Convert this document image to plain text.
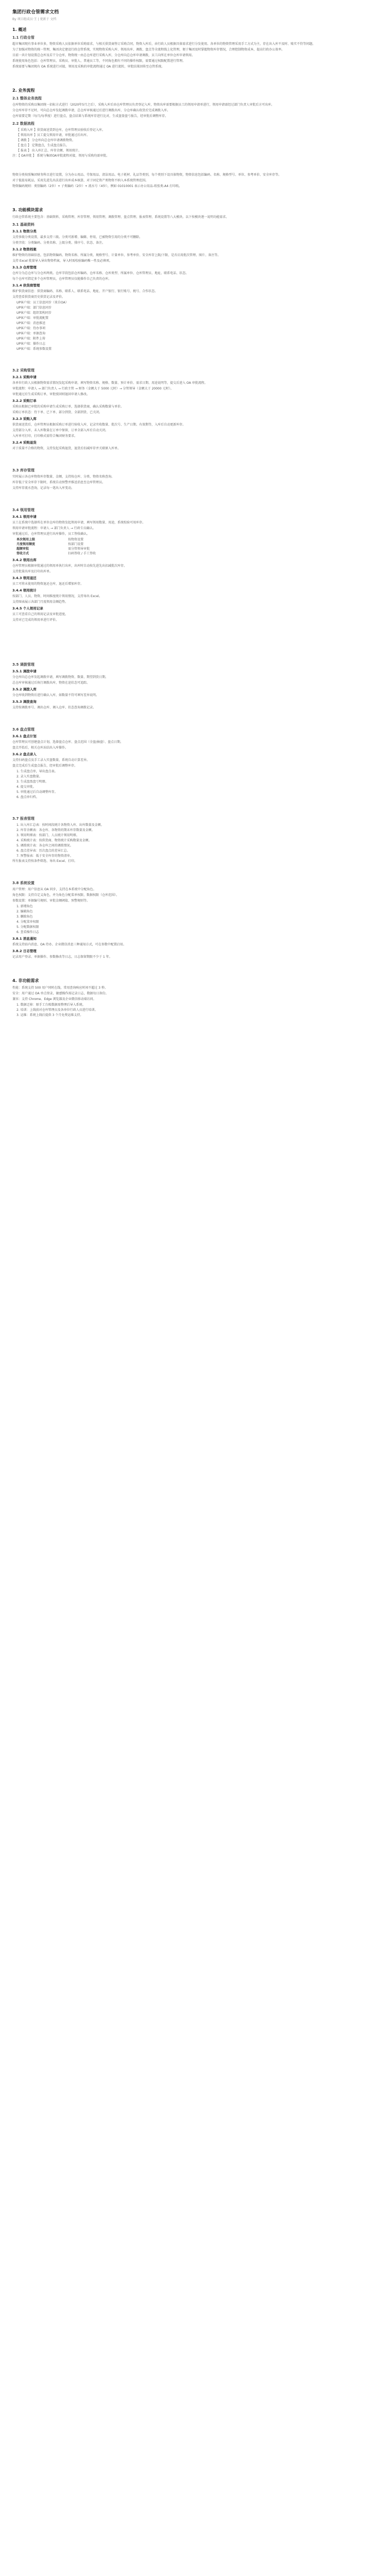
集团行政仓管需求文档
By 项目组成员·王 | 更新于 文档
1. 概述
1.1 行政仓管
超市集团现有事业单位多，物资采购人员依据单位采购需求，与相关供货商签订采购合同，物资入库后，由行政人员根据具体需求进行分发使用。各单位的物资管理采用手工方式为主，存在出入库不及时、账实不符等问题。
为了加强对物资的统一管理，集团决定建设行政仓管系统，实现物资采购入库、领用出库、调拨、盘点等全流程线上化管理，便于集团及时掌握物资库存情况，合理控制物资成本，提高行政办公效率。
目前一共计划设置总仓库及若干分仓库，物资统一由总仓库进行采购入库，分仓库向总仓库申请调拨，员工向所在单位仓库申请领用。
系统使用角色包括：仓库管理员、采购员、审批人、普通员工等，不同角色拥有不同的操作权限，需要通过权限配置进行管理。
系统需要与集团现有 OA 系统进行对接，领用及采购的审批流程通过 OA 进行流转，审批结果回传至仓管系统。
2. 业务流程
2.1 整体业务流程
仓库物资的采购以集团统一招标方式进行（2020年5月之后），采购入库后由仓库管理员负责登记入库，物资出库需要根据员工的领用申请单进行，领用申请需经过部门负责人审批后方可出库。
分仓库库存不足时，可向总仓库发起调拨申请，总仓库审核通过后进行调拨出库，分仓库确认收货后完成调拨入库。
仓库需要定期（每月/每季度）进行盘点，盘点结果与系统库存进行比对，生成盘盈盘亏报告，经审批后调整库存。
2.2 数据流程
【 采购入库 】供货商送货到仓库，仓库管理员验收后登记入库。
【 领用出库 】员工提交领用申请，审批通过后出库。
【 调拨 】 分仓库向总仓库申请调拨物资。
【 盘点 】 定期盘点，生成盘点报告。
【 报表 】 出入库汇总、库存余额、领用统计。
注：【 OA审批 】 系统与集团OA审批流程对接，领用与采购均需审批。
物资分类按照集团财务科目进行设置，分为办公用品、劳保用品、清洁用品、电子耗材、礼品等类别，每个类别下设具体物资，物资信息包括编码、名称、规格型号、单位、参考单价、安全库存等。
对于低值易耗品，采用先进先出法进行出库成本核算，对于固定资产类物资不纳入本系统管理范围。
物资编码规则：类别编码（2位）+ 子类编码（2位）+ 流水号（4位），例如 01010001 表示办公用品-纸张类-A4 打印纸。
3. 功能模块需求
行政仓管系统主要包含：基础资料、采购管理、库存管理、领用管理、调拨管理、盘点管理、报表管理、系统设置等八大模块。以下按模块逐一说明功能需求。
3.1 基础资料
3.1.1 物资分类
支持多级分类设置，最多支持三级。分类可新增、编辑、停用，已被物资引用的分类不可删除。
分类字段：分类编码、分类名称、上级分类、排序号、状态、备注。
3.1.2 物资档案
维护物资的基础信息，包括物资编码、物资名称、所属分类、规格型号、计量单位、参考单价、安全库存上限/下限、是否启用批次管理、图片、备注等。
支持 Excel 批量导入导出物资档案，导入时需校验编码唯一性及必填项。
3.1.3 仓库管理
仓库分为总仓库与分仓库两类。仓库字段包括仓库编码、仓库名称、仓库类型、所属单位、仓库管理员、地址、联系电话、状态。
每个仓库可指定多个仓库管理员，仓库管理员仅能操作自己负责的仓库。
3.1.4 供货商管理
维护供货商信息：供货商编码、名称、联系人、联系电话、地址、开户银行、银行账号、税号、合作状态。
支持查看供货商历史供货记录及评价。
UP客户端：员工信息同步（来自OA）
UP客户端：部门信息同步
UP客户端：组织架构同步
UP客户端：审批流配置
UP客户端：消息推送
UP客户端：待办事项
UP客户端：单据查询
UP客户端：附件上传
UP客户端：操作日志
UP客户端：系统参数设置
3.2 采购管理
3.2.1 采购申请
各单位行政人员根据物资需求情况发起采购申请，填写物资名称、规格、数量、预计单价、需求日期、用途说明等，提交后进入 OA 审批流程。
审批流程：申请人 → 部门负责人 → 行政主管 → 财务（金额大于 5000 元时）→ 分管领导（金额大于 20000 元时）。
审批通过后生成采购订单，审批驳回则退回申请人修改。
3.2.2 采购订单
采购员根据已审批的采购申请生成采购订单，选择供货商，确认采购数量与单价。
采购订单状态：待下单、已下单、部分到货、全部到货、已关闭。
3.2.3 采购入库
供货商送货后，仓库管理员根据采购订单进行验收入库，记录实收数量、批次号、生产日期、有效期等，入库后自动更新库存。
支持部分入库，未入库数量在订单中保留，订单全部入库后自动关闭。
入库单可打印，打印格式需符合集团财务要求。
3.2.4 采购退货
对于质量不合格的物资，支持发起采购退货，退货后扣减库存并关联原入库单。
3.3 库存管理
实时展示各仓库物资库存数量、金额，支持按仓库、分类、物资名称查询。
库存低于安全库存下限时，系统自动预警并推送消息至仓库管理员。
支持库存流水查询，记录每一笔出入库变动。
3.4 领用管理
3.4.1 领用申请
员工在系统中选择所在单位仓库的物资发起领用申请，填写领用数量、用途，系统校验可用库存。
领用申请审批流程：申请人 → 部门负责人 → 行政专员确认。
审批通过后，仓库管理员进行出库操作，员工签收确认。
单次领用上限	按物资设置
月度领用额度	按部门设置
超额审批	需分管领导审批
签收方式	扫码签收 / 手工签收
3.4.2 领用出库
仓库管理员根据审批通过的领用单执行出库，出库时自动按先进先出扣减批次库存。
支持批量出库及打印出库单。
3.4.3 领用退还
员工可将未使用的物资退还仓库，退还后增加库存。
3.4.4 领用统计
按部门、人员、物资、时间维度统计领用情况，支持导出 Excel。
支持图表展示各部门月度领用金额趋势。
3.4.5 个人领用记录
员工可查看自己的领用记录及审批进度。
支持对已完成的领用单进行评价。
3.5 调拨管理
3.5.1 调拨申请
分仓库向总仓库发起调拨申请，填写调拨物资、数量、期望到货日期。
总仓库审核通过后执行调拨出库，物资在途状态可追踪。
3.5.2 调拨入库
分仓库收到物资后进行确认入库，如数量不符可填写差异说明。
3.5.3 调拨查询
支持按调拨单号、调出仓库、调入仓库、状态查询调拨记录。
3.6 盘点管理
3.6.1 盘点计划
仓库管理员可创建盘点计划，选择盘点仓库、盘点范围（全盘/抽盘）、盘点日期。
盘点开始后，相关仓库冻结出入库操作。
3.6.2 盘点录入
支持扫码盘点及手工录入实盘数量，系统自动计算差异。
盘点完成后生成盘点报告，经审批后调整库存。
1. 生成盘点单，导出盘点表。
2. 录入实盘数量。
3. 生成盘盈盘亏明细。
4. 提交审批。
5. 审批通过后自动调整库存。
6. 盘点单归档。
3.7 报表管理
1. 出入库汇总表：按时间段统计各物资入库、出库数量及金额。
2. 库存余额表：各仓库、各物资的期末库存数量及金额。
3. 领用明细表：按部门、人员统计领用明细。
4. 采购统计表：按供货商、物资统计采购数量及金额。
5. 调拨统计表：各仓库之间的调拨情况。
6. 盘点差异表：历次盘点的差异汇总。
7. 预警报表：低于安全库存的物资清单。
所有报表支持按条件筛选、导出 Excel、打印。
3.8 系统设置
用户管理：用户信息从 OA 同步，支持在本系统中分配角色。
角色权限：支持自定义角色，并为角色分配菜单权限、数据权限（仓库范围）。
参数设置：单据编号规则、审批金额阈值、预警规则等。
1. 新增角色
2. 编辑角色
3. 删除角色
4. 分配菜单权限
5. 分配数据权限
6. 查看操作日志
3.8.1 消息通知
系统支持站内消息、OA 待办、企业微信消息三种通知方式，可在参数中配置启用。
3.8.2 日志管理
记录用户登录、单据操作、参数修改等日志，日志保留期限不少于 1 年。
4. 非功能需求
性能：系统支持 500 用户同时在线，常用查询响应时间不超过 3 秒。
安全：用户通过 OA 单点登录，敏感操作需记录日志，数据每日备份。
兼容：支持 Chrome、Edge 浏览器及企业微信移动端访问。
1. 数据迁移：原手工台账数据需整理后导入系统。
2. 培训：上线前对仓库管理员及各单位行政人员进行培训。
3. 运维：系统上线后提供 3 个月免费运维支持。
